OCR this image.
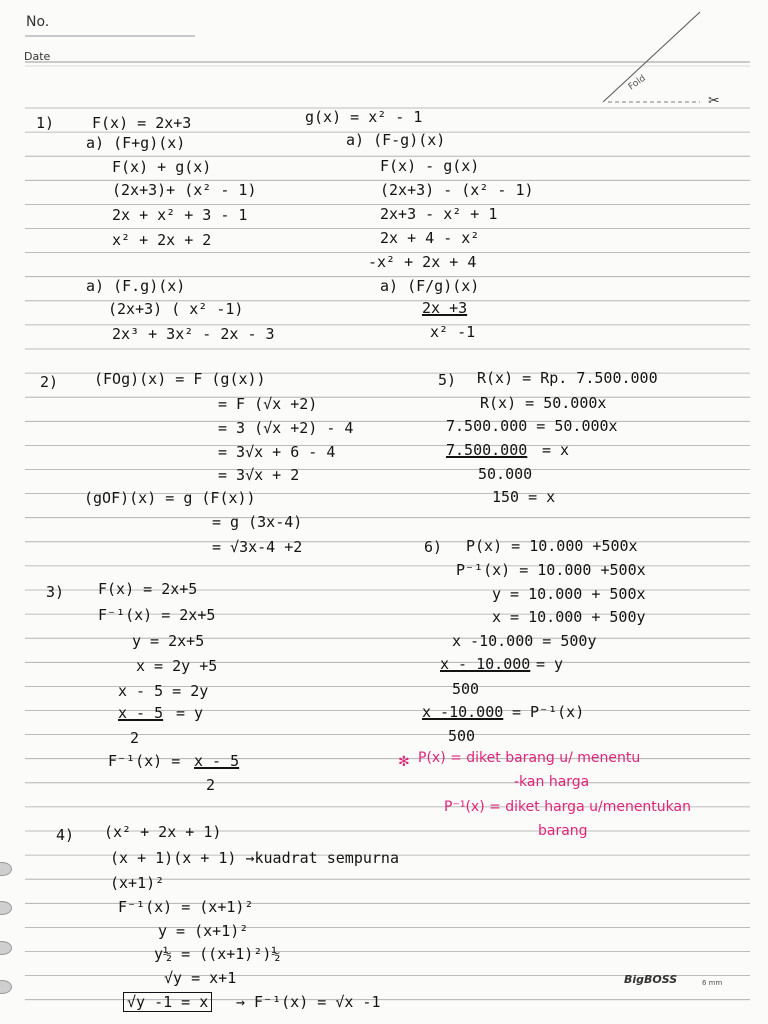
No.
Date
Fold
✂
1)	F(x) = 2x+3	g(x) = x² - 1
a) (F+g)(x)
F(x) + g(x)
(2x+3)+ (x² - 1)
2x + x² + 3 - 1
x² + 2x + 2
a) (F-g)(x)
F(x) - g(x)
(2x+3) - (x² - 1)
2x+3 - x² + 1
2x + 4 - x²
-x² + 2x + 4
a) (F.g)(x)
(2x+3) ( x² -1)
2x³ + 3x² - 2x - 3
a) (F/g)(x)
2x +3
x² -1
2) (FOg)(x) = F (g(x))
= F (√x +2)
= 3 (√x +2) - 4
= 3√x + 6 - 4
= 3√x + 2
(gOF)(x) = g (F(x))
= g (3x-4)
= √3x-4 +2
5) R(x) = Rp. 7.500.000
R(x) = 50.000x
7.500.000 = 50.000x
7.500.000 = x
50.000
150 = x
6) P(x) = 10.000 +500x
P⁻¹(x) = 10.000 +500x
y = 10.000 + 500x
x = 10.000 + 500y
x -10.000 = 500y
x - 10.000 = y
500
x -10.000 = P⁻¹(x)
500
✻ P(x) = diket barang u/ menentu
-kan harga
P⁻¹(x) = diket harga u/menentukan
barang
3) F(x) = 2x+5
F⁻¹(x) = 2x+5
y = 2x+5
x = 2y +5
x - 5 = 2y
x - 5 = y
2
F⁻¹(x) = x - 5
2
4) (x² + 2x + 1)
(x + 1)(x + 1) →kuadrat sempurna
(x+1)²
F⁻¹(x) = (x+1)²
y = (x+1)²
y½ = ((x+1)²)½
√y = x+1
√y -1 = x → F⁻¹(x) = √x -1
BigBOSS	6 mm
